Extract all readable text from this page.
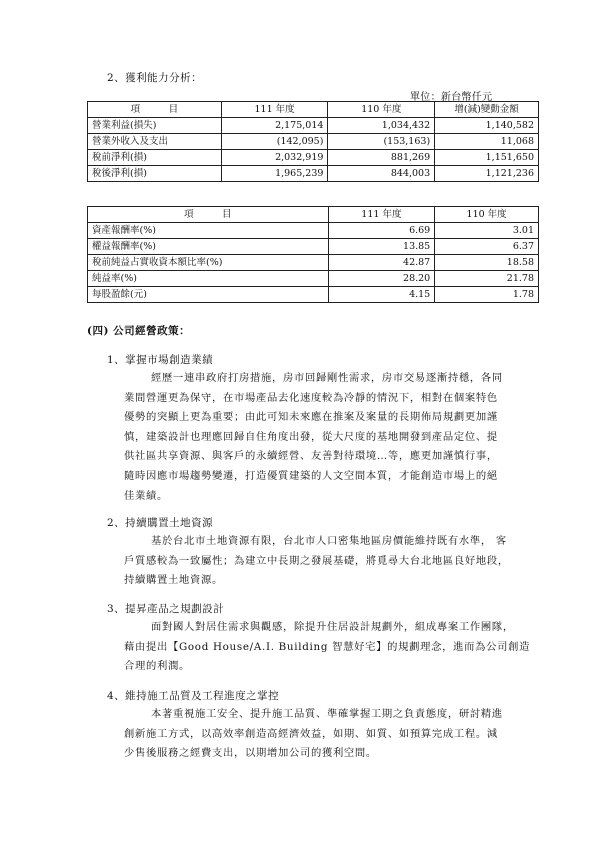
2、獲利能力分析：
單位：新台幣仟元
項　　　目	111 年度	110 年度	增(減)變動金額
營業利益(損失)	2,175,014	1,034,432	1,140,582
營業外收入及支出	(142,095)	(153,163)	11,068
稅前淨利(損)	2,032,919	881,269	1,151,650
稅後淨利(損)	1,965,239	844,003	1,121,236
項　　　目	111 年度	110 年度
資產報酬率(%)	6.69	3.01
權益報酬率(%)	13.85	6.37
稅前純益占實收資本額比率(%)	42.87	18.58
純益率(%)	28.20	21.78
每股盈餘(元)	4.15	1.78
(四) 公司經營政策：
1、掌握市場創造業績
經歷一連串政府打房措施，房市回歸剛性需求，房市交易逐漸持穩，各同
業間營運更為保守，在市場產品去化速度較為冷靜的情況下，相對在個案特色
優勢的突顯上更為重要；由此可知未來應在推案及案量的長期佈局規劃更加謹
慎，建築設計也理應回歸自住角度出發，從大尺度的基地開發到產品定位、提
供社區共享資源、與客戶的永續經營、友善對待環境…等，應更加謹慎行事，
隨時因應市場趨勢變遷，打造優質建築的人文空間本質，才能創造市場上的絕
佳業績。
2、持續購置土地資源
基於台北市土地資源有限，台北市人口密集地區房價能維持既有水準， 客
戶質感較為一致屬性；為建立中長期之發展基礎，將覓尋大台北地區良好地段，
持續購置土地資源。
3、提昇產品之規劃設計
面對國人對居住需求與觀感，除提升住居設計規劃外，組成專案工作團隊，
藉由提出【Good House/A.I. Building 智慧好宅】的規劃理念，進而為公司創造
合理的利潤。
4、維持施工品質及工程進度之掌控
本著重視施工安全、提升施工品質、準確掌握工期之負責態度，研討精進
創新施工方式，以高效率創造高經濟效益，如期、如質、如預算完成工程。減
少售後服務之經費支出，以期增加公司的獲利空間。
